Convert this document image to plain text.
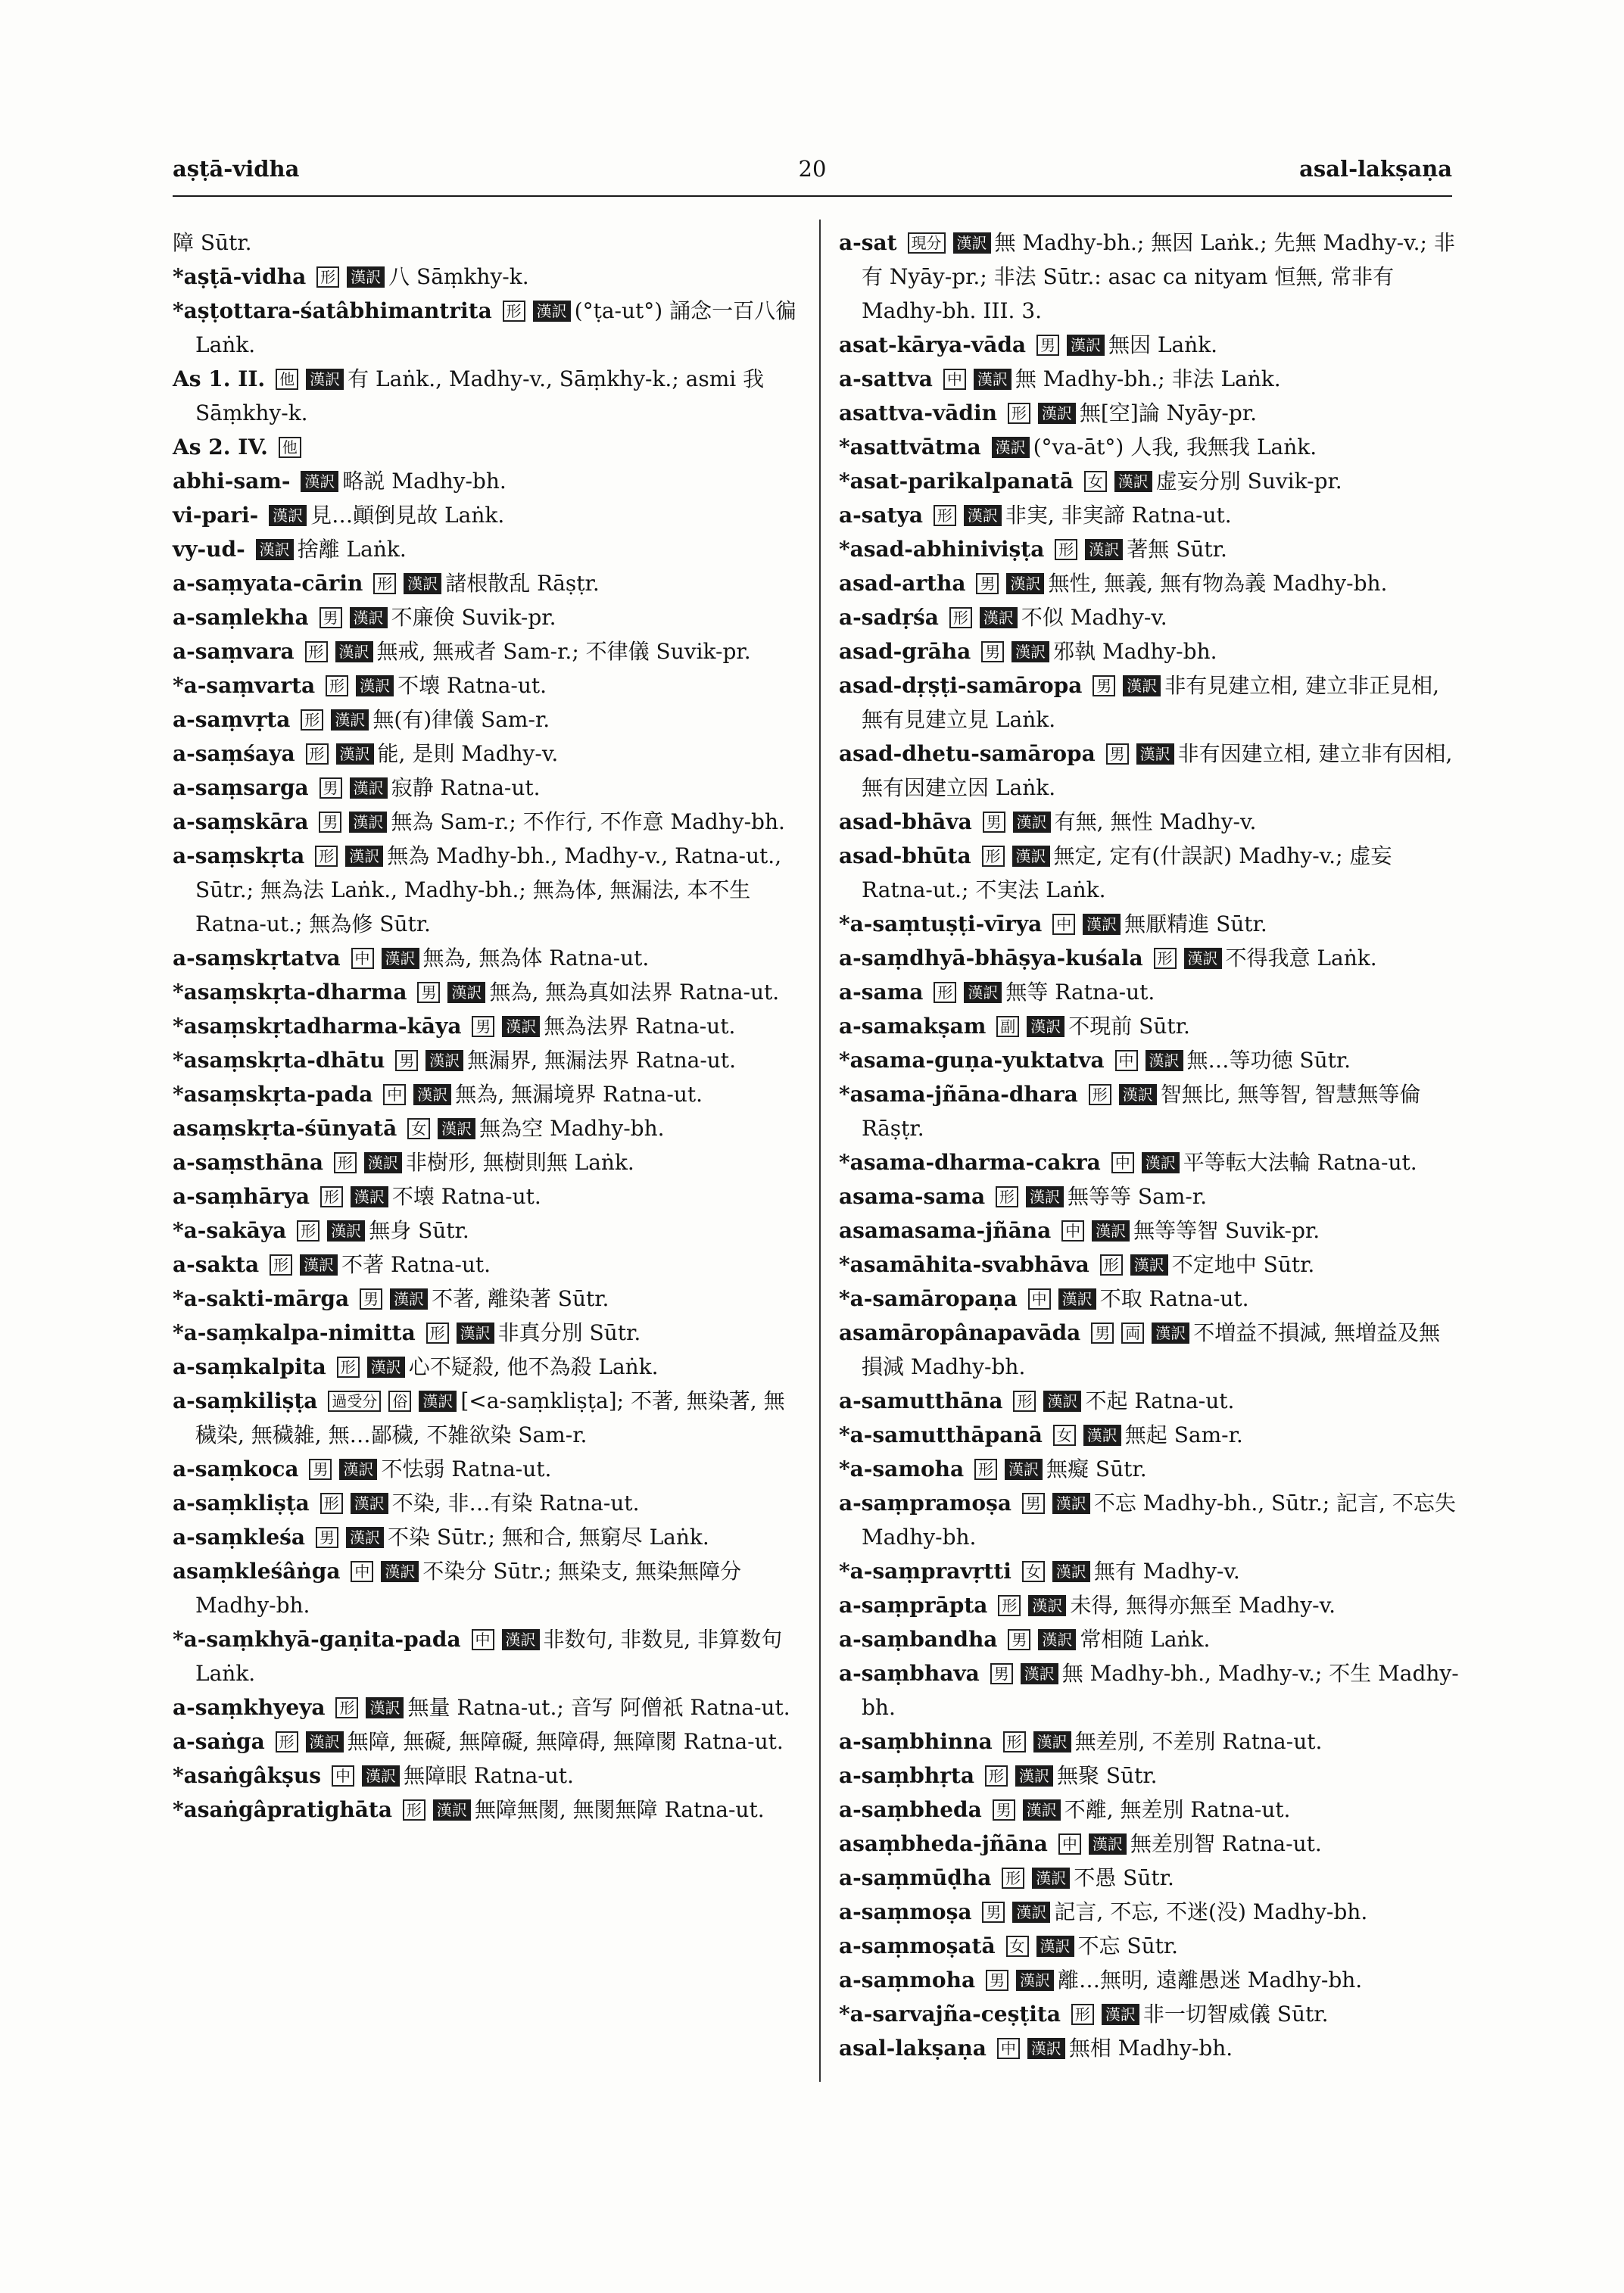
aṣṭā-vidha	20	asal-lakṣaṇa
障 Sūtr.
*aṣṭā-vidha 形 漢訳 八 Sāṃkhy-k.
*aṣṭottara-śatâbhimantrita 形 漢訳 (°ṭa-ut°) 誦念一百八徧 Laṅk.
As 1. II. 他 漢訳 有 Laṅk., Madhy-v., Sāṃkhy-k.; asmi 我 Sāṃkhy-k.
As 2. IV. 他
abhi-sam- 漢訳 略説 Madhy-bh.
vi-pari- 漢訳 見…顚倒見故 Laṅk.
vy-ud- 漢訳 捨離 Laṅk.
a-saṃyata-cārin 形 漢訳 諸根散乱 Rāṣṭr.
a-saṃlekha 男 漢訳 不廉倹 Suvik-pr.
a-saṃvara 形 漢訳 無戒, 無戒者 Sam-r.; 不律儀 Suvik-pr.
*a-saṃvarta 形 漢訳 不壊 Ratna-ut.
a-saṃvṛta 形 漢訳 無(有)律儀 Sam-r.
a-saṃśaya 形 漢訳 能, 是則 Madhy-v.
a-saṃsarga 男 漢訳 寂静 Ratna-ut.
a-saṃskāra 男 漢訳 無為 Sam-r.; 不作行, 不作意 Madhy-bh.
a-saṃskṛta 形 漢訳 無為 Madhy-bh., Madhy-v., Ratna-ut., Sūtr.; 無為法 Laṅk., Madhy-bh.; 無為体, 無漏法, 本不生 Ratna-ut.; 無為修 Sūtr.
a-saṃskṛtatva 中 漢訳 無為, 無為体 Ratna-ut.
*asaṃskṛta-dharma 男 漢訳 無為, 無為真如法界 Ratna-ut.
*asaṃskṛtadharma-kāya 男 漢訳 無為法界 Ratna-ut.
*asaṃskṛta-dhātu 男 漢訳 無漏界, 無漏法界 Ratna-ut.
*asaṃskṛta-pada 中 漢訳 無為, 無漏境界 Ratna-ut.
asaṃskṛta-śūnyatā 女 漢訳 無為空 Madhy-bh.
a-saṃsthāna 形 漢訳 非樹形, 無樹則無 Laṅk.
a-saṃhārya 形 漢訳 不壊 Ratna-ut.
*a-sakāya 形 漢訳 無身 Sūtr.
a-sakta 形 漢訳 不著 Ratna-ut.
*a-sakti-mārga 男 漢訳 不著, 離染著 Sūtr.
*a-saṃkalpa-nimitta 形 漢訳 非真分別 Sūtr.
a-saṃkalpita 形 漢訳 心不疑殺, 他不為殺 Laṅk.
a-saṃkiliṣṭa 過受分 俗 漢訳 [<a-saṃkliṣṭa]; 不著, 無染著, 無穢染, 無穢雑, 無…鄙穢, 不雑欲染 Sam-r.
a-saṃkoca 男 漢訳 不怯弱 Ratna-ut.
a-saṃkliṣṭa 形 漢訳 不染, 非…有染 Ratna-ut.
a-saṃkleśa 男 漢訳 不染 Sūtr.; 無和合, 無窮尽 Laṅk.
asaṃkleśâṅga 中 漢訳 不染分 Sūtr.; 無染支, 無染無障分 Madhy-bh.
*a-saṃkhyā-gaṇita-pada 中 漢訳 非数句, 非数見, 非算数句 Laṅk.
a-saṃkhyeya 形 漢訳 無量 Ratna-ut.; 音写 阿僧祇 Ratna-ut.
a-saṅga 形 漢訳 無障, 無礙, 無障礙, 無障碍, 無障閡 Ratna-ut.
*asaṅgâkṣus 中 漢訳 無障眼 Ratna-ut.
*asaṅgâpratighāta 形 漢訳 無障無閡, 無閡無障 Ratna-ut.
a-sat 現分 漢訳 無 Madhy-bh.; 無因 Laṅk.; 先無 Madhy-v.; 非有 Nyāy-pr.; 非法 Sūtr.: asac ca nityam 恒無, 常非有 Madhy-bh. III. 3.
asat-kārya-vāda 男 漢訳 無因 Laṅk.
a-sattva 中 漢訳 無 Madhy-bh.; 非法 Laṅk.
asattva-vādin 形 漢訳 無[空]論 Nyāy-pr.
*asattvātma 漢訳 (°va-āt°) 人我, 我無我 Laṅk.
*asat-parikalpanatā 女 漢訳 虚妄分別 Suvik-pr.
a-satya 形 漢訳 非実, 非実諦 Ratna-ut.
*asad-abhiniviṣṭa 形 漢訳 著無 Sūtr.
asad-artha 男 漢訳 無性, 無義, 無有物為義 Madhy-bh.
a-sadṛśa 形 漢訳 不似 Madhy-v.
asad-grāha 男 漢訳 邪執 Madhy-bh.
asad-dṛṣṭi-samāropa 男 漢訳 非有見建立相, 建立非正見相, 無有見建立見 Laṅk.
asad-dhetu-samāropa 男 漢訳 非有因建立相, 建立非有因相, 無有因建立因 Laṅk.
asad-bhāva 男 漢訳 有無, 無性 Madhy-v.
asad-bhūta 形 漢訳 無定, 定有(什誤訳) Madhy-v.; 虚妄 Ratna-ut.; 不実法 Laṅk.
*a-saṃtuṣṭi-vīrya 中 漢訳 無厭精進 Sūtr.
a-saṃdhyā-bhāṣya-kuśala 形 漢訳 不得我意 Laṅk.
a-sama 形 漢訳 無等 Ratna-ut.
a-samakṣam 副 漢訳 不現前 Sūtr.
*asama-guṇa-yuktatva 中 漢訳 無…等功徳 Sūtr.
*asama-jñāna-dhara 形 漢訳 智無比, 無等智, 智慧無等倫 Rāṣṭr.
*asama-dharma-cakra 中 漢訳 平等転大法輪 Ratna-ut.
asama-sama 形 漢訳 無等等 Sam-r.
asamasama-jñāna 中 漢訳 無等等智 Suvik-pr.
*asamāhita-svabhāva 形 漢訳 不定地中 Sūtr.
*a-samāropaṇa 中 漢訳 不取 Ratna-ut.
asamāropânapavāda 男 両 漢訳 不増益不損減, 無増益及無損減 Madhy-bh.
a-samutthāna 形 漢訳 不起 Ratna-ut.
*a-samutthāpanā 女 漢訳 無起 Sam-r.
*a-samoha 形 漢訳 無癡 Sūtr.
a-saṃpramoṣa 男 漢訳 不忘 Madhy-bh., Sūtr.; 記言, 不忘失 Madhy-bh.
*a-saṃpravṛtti 女 漢訳 無有 Madhy-v.
a-saṃprāpta 形 漢訳 未得, 無得亦無至 Madhy-v.
a-saṃbandha 男 漢訳 常相随 Laṅk.
a-saṃbhava 男 漢訳 無 Madhy-bh., Madhy-v.; 不生 Madhy-bh.
a-saṃbhinna 形 漢訳 無差別, 不差別 Ratna-ut.
a-saṃbhṛta 形 漢訳 無聚 Sūtr.
a-saṃbheda 男 漢訳 不離, 無差別 Ratna-ut.
asaṃbheda-jñāna 中 漢訳 無差別智 Ratna-ut.
a-saṃmūḍha 形 漢訳 不愚 Sūtr.
a-saṃmoṣa 男 漢訳 記言, 不忘, 不迷(没) Madhy-bh.
a-saṃmoṣatā 女 漢訳 不忘 Sūtr.
a-saṃmoha 男 漢訳 離…無明, 遠離愚迷 Madhy-bh.
*a-sarvajña-ceṣṭita 形 漢訳 非一切智威儀 Sūtr.
asal-lakṣaṇa 中 漢訳 無相 Madhy-bh.
